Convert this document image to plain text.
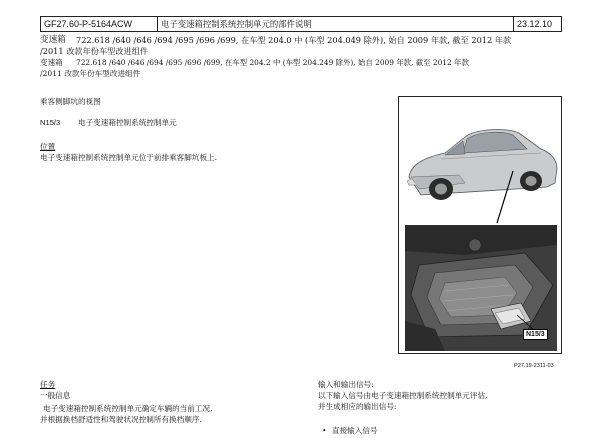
GF27.60-P-5164ACW	电子变速箱控制系统控制单元的部件说明	23.12.10
变速箱 722.618 /640 /646 /694 /695 /696 /699, 在车型 204.0 中 (车型 204.049 除外), 始自 2009 年款, 截至 2012 年款
/2011 改款年份车型改进组件
变速箱 722.618 /640 /646 /694 /695 /696 /699, 在车型 204.2 中 (车型 204.249 除外), 始自 2009 年款, 截至 2012 年款
/2011 改款年份车型改进组件
乘客侧脚坑的视图
N15/3 电子变速箱控制系统控制单元
位置
电子变速箱控制系统控制单元位于前排乘客脚坑板上.
N15/3
P27.19-2311-03
任务
一般信息
电子变速箱控制系统控制单元确定车辆的当前工况,
并根据换档舒适性和驾驶状况控制所有换档顺序.
输入和输出信号:
以下输入信号由电子变速箱控制系统控制单元评估,
并生成相应的输出信号:
• 直接输入信号
